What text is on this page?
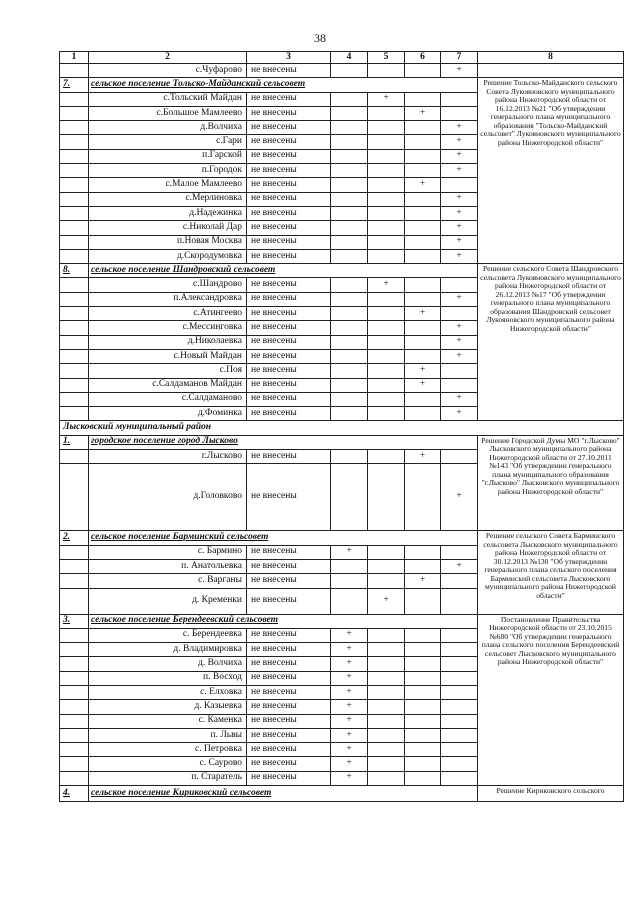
38
1	2	3	4	5	6	7	8
	с.Чуфарово	не внесены				+	
7.	сельское поселение Тольско-Майданский сельсовет						Решение Тольско-Майданского сельского Совета Лукояновского муниципального района Нижегородской области от 16.12.2013 №21 "Об утверждении генерального плана муниципального образования "Тольско-Майданский сельсовет" Лукояновского муниципального района Нижегородской области"
	с.Тольский Майдан	не внесены		+			
	с.Большое Мамлеево	не внесены			+		
	д.Волчиха	не внесены				+	
	с.Гари	не внесены				+	
	п.Гарской	не внесены				+	
	п.Городок	не внесены				+	
	с.Малое Мамлеево	не внесены			+		
	с.Мерлиновка	не внесены				+	
	д.Надежинка	не внесены				+	
	с.Николай Дар	не внесены				+	
	п.Новая Москва	не внесены				+	
	д.Скородумовка	не внесены				+	
8.	сельское поселение Шандровский сельсовет						Решение сельского Совета Шандровского сельсовета Лукояновского муниципального района Нижегородской области от 26.12.2013 №17 "Об утверждении генерального плана муниципального образования Шандровский сельсовет Лукояновского муниципального района Нижегородской области"
	с.Шандрово	не внесены		+			
	п.Александровка	не внесены				+	
	с.Атингеево	не внесены			+		
	с.Мессинговка	не внесены				+	
	д.Николаевка	не внесены				+	
	с.Новый Майдан	не внесены				+	
	с.Поя	не внесены			+		
	с.Салдаманов Майдан	не внесены			+		
	с.Салдаманово	не внесены				+	
	д.Фоминка	не внесены				+	
Лысковский муниципальный район							
1.	городское поселение город Лысково						Решение Городской Думы МО "г.Лысково" Лысковского муниципального района Нижегородской области от 27.10.2011 №143 "Об утверждении генерального плана муниципального образования "г.Лысково" Лысковского муниципального района Нижегородской области"
	г.Лысково	не внесены			+		
	д.Головково	не внесены				+	
2.	сельское поселение Барминский сельсовет						Решение сельского Совета Барминского сельсовета Лысковского муниципального района Нижегородской области от 30.12.2013 №130 "Об утверждении генерального плана сельского поселения Барминский сельсовета Лысковского муниципального района Нижегородской области"
	с. Бармино	не внесены	+				
	п. Анатольевка	не внесены				+	
	с. Варганы	не внесены			+		
	д. Кременки	не внесены		+			
3.	сельское поселение Берендеевский сельсовет						Постановление Правительства Нижегородской области от 23.10.2015 №680 "Об утверждении генерального плана сельского поселения Берендеевский сельсовет Лысковского муниципального района Нижегородской области"
	с. Берендеевка	не внесены	+				
	д. Владимировка	не внесены	+				
	д. Волчиха	не внесены	+				
	п. Восход	не внесены	+				
	с. Елховка	не внесены	+				
	д. Казыевка	не внесены	+				
	с. Каменка	не внесены	+				
	п. Львы	не внесены	+				
	с. Петровка	не внесены	+				
	с. Саурово	не внесены	+				
	п. Старатель	не внесены	+				
4.	сельское поселение Кириковский сельсовет						Решение Кириковского сельского
